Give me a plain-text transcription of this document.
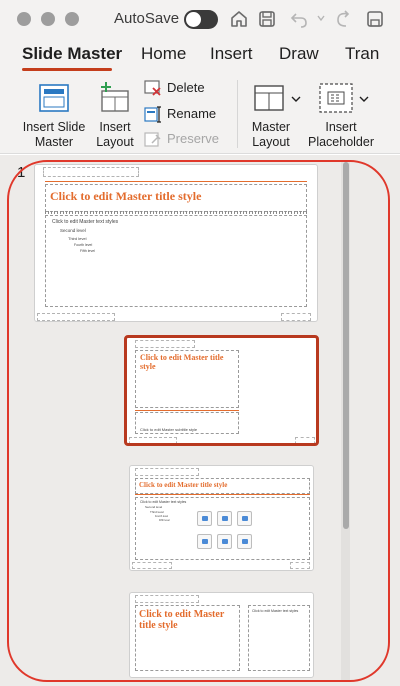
AutoSave
Slide Master Home Insert Draw Tran
Insert Slide
Master
Insert
Layout
Delete
Rename
Preserve
Master
Layout
Insert
Placeholder
1
Click to edit Master title style
Click to edit Master text styles
Second level
Third level
Fourth level
Fifth level
Click to edit Master title style
Click to edit Master subtitle style
Click to edit Master title style
Click to edit Master text styles
Second level
Third level
Fourth level
Fifth level
Click to edit Master title style
Click to edit Master text styles
